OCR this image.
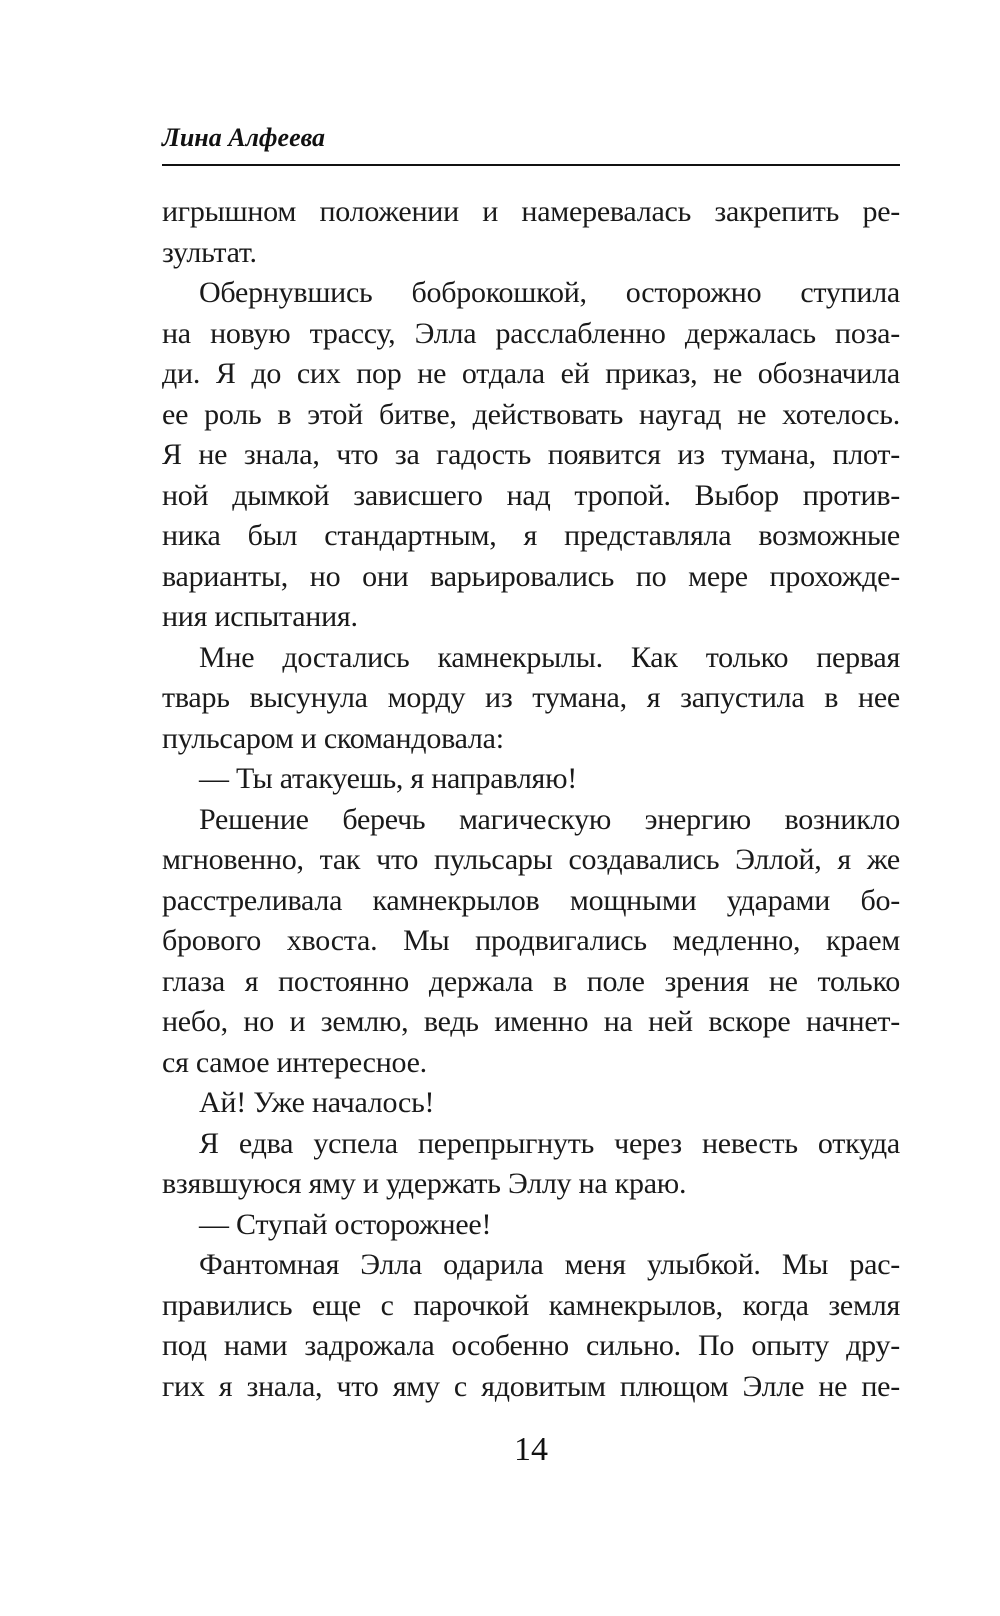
Лина Алфеева
игрышном положении и намеревалась закрепить ре-
зультат.
Обернувшись боброкошкой, осторожно ступила
на новую трассу, Элла расслабленно держалась поза-
ди. Я до сих пор не отдала ей приказ, не обозначила
ее роль в этой битве, действовать наугад не хотелось.
Я не знала, что за гадость появится из тумана, плот-
ной дымкой зависшего над тропой. Выбор против-
ника был стандартным, я представляла возможные
варианты, но они варьировались по мере прохожде-
ния испытания.
Мне достались камнекрылы. Как только первая
тварь высунула морду из тумана, я запустила в нее
пульсаром и скомандовала:
— Ты атакуешь, я направляю!
Решение беречь магическую энергию возникло
мгновенно, так что пульсары создавались Эллой, я же
расстреливала камнекрылов мощными ударами бо-
брового хвоста. Мы продвигались медленно, краем
глаза я постоянно держала в поле зрения не только
небо, но и землю, ведь именно на ней вскоре начнет-
ся самое интересное.
Ай! Уже началось!
Я едва успела перепрыгнуть через невесть откуда
взявшуюся яму и удержать Эллу на краю.
— Ступай осторожнее!
Фантомная Элла одарила меня улыбкой. Мы рас-
правились еще с парочкой камнекрылов, когда земля
под нами задрожала особенно сильно. По опыту дру-
гих я знала, что яму с ядовитым плющом Элле не пе-
14
